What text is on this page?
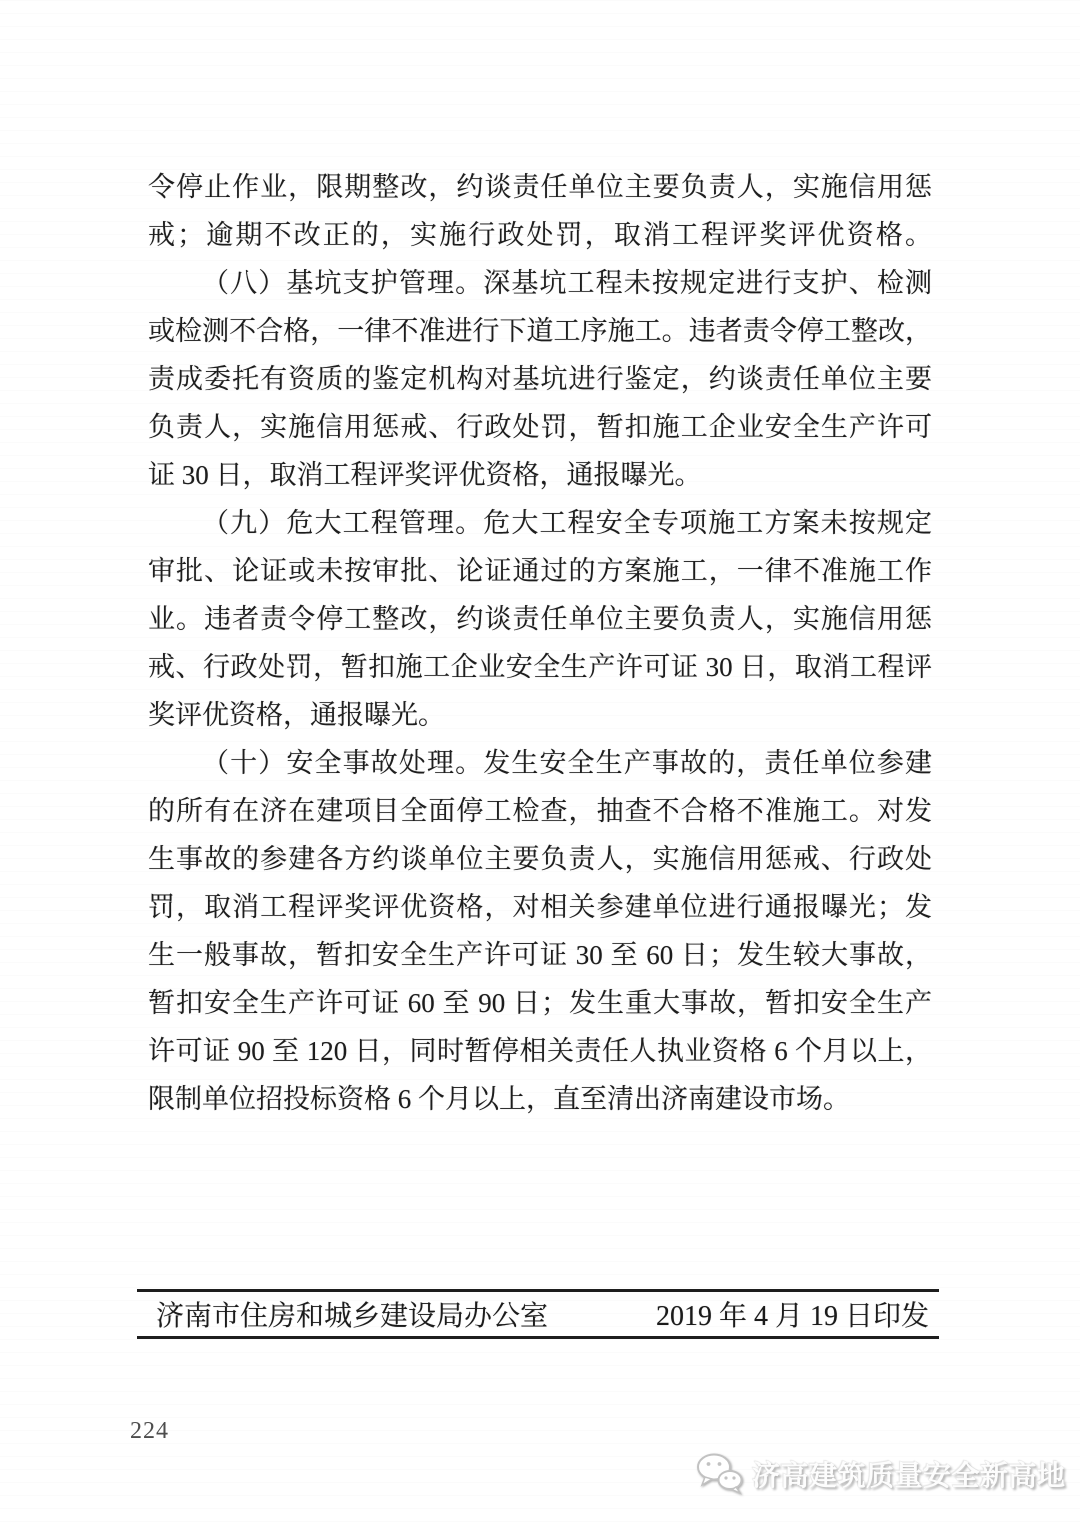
令停止作业，限期整改，约谈责任单位主要负责人，实施信用惩
戒；逾期不改正的，实施行政处罚，取消工程评奖评优资格。
（八）基坑支护管理。深基坑工程未按规定进行支护、检测
或检测不合格，一律不准进行下道工序施工。违者责令停工整改，
责成委托有资质的鉴定机构对基坑进行鉴定，约谈责任单位主要
负责人，实施信用惩戒、行政处罚，暂扣施工企业安全生产许可
证 30 日，取消工程评奖评优资格，通报曝光。
（九）危大工程管理。危大工程安全专项施工方案未按规定
审批、论证或未按审批、论证通过的方案施工，一律不准施工作
业。违者责令停工整改，约谈责任单位主要负责人，实施信用惩
戒、行政处罚，暂扣施工企业安全生产许可证 30 日，取消工程评
奖评优资格，通报曝光。
（十）安全事故处理。发生安全生产事故的，责任单位参建
的所有在济在建项目全面停工检查，抽查不合格不准施工。对发
生事故的参建各方约谈单位主要负责人，实施信用惩戒、行政处
罚，取消工程评奖评优资格，对相关参建单位进行通报曝光；发
生一般事故，暂扣安全生产许可证 30 至 60 日；发生较大事故，
暂扣安全生产许可证 60 至 90 日；发生重大事故，暂扣安全生产
许可证 90 至 120 日，同时暂停相关责任人执业资格 6 个月以上，
限制单位招投标资格 6 个月以上，直至清出济南建设市场。
济南市住房和城乡建设局办公室	2019 年 4 月 19 日印发
224
济高建筑质量安全新高地
